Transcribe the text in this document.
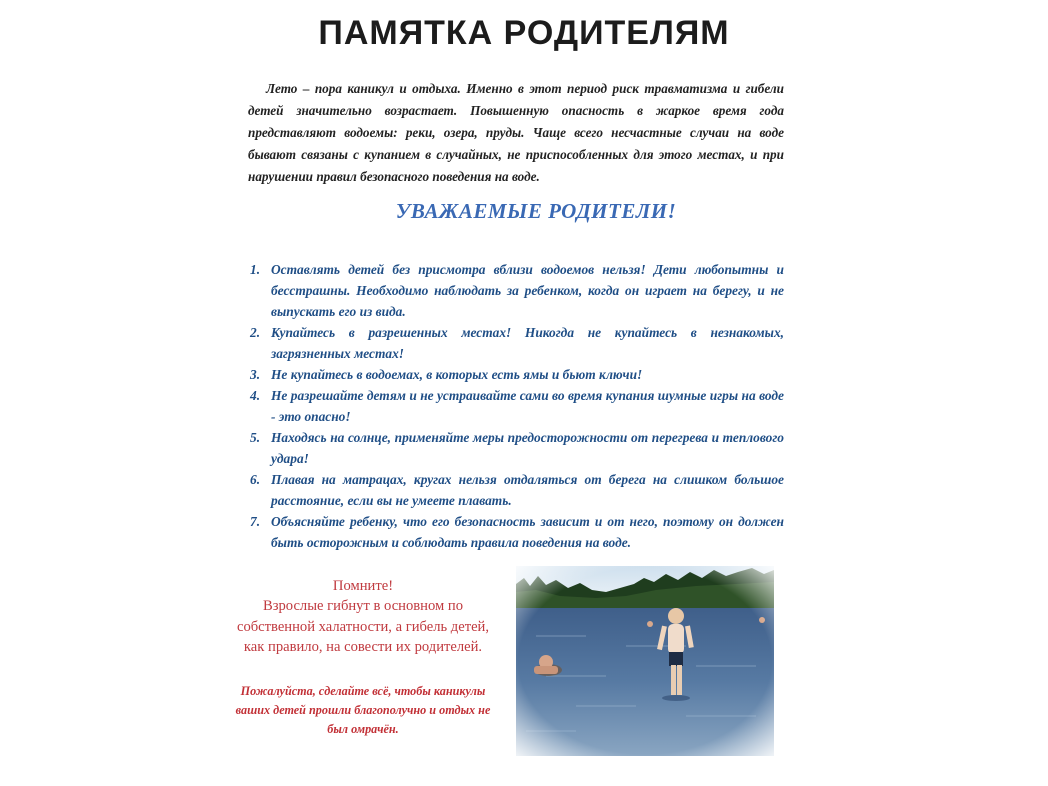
ПАМЯТКА РОДИТЕЛЯМ
Лето – пора каникул и отдыха. Именно в этот период риск травматизма и гибели детей значительно возрастает. Повышенную опасность в жаркое время года представляют водоемы: реки, озера, пруды. Чаще всего несчастные случаи на воде бывают связаны с купанием в случайных, не приспособленных для этого местах, и при нарушении правил безопасного поведения на воде.
УВАЖАЕМЫЕ РОДИТЕЛИ!
1. Оставлять детей без присмотра вблизи водоемов нельзя! Дети любопытны и бесстрашны. Необходимо наблюдать за ребенком, когда он играет на берегу, и не выпускать его из вида.
2. Купайтесь в разрешенных местах! Никогда не купайтесь в незнакомых, загрязненных местах!
3. Не купайтесь в водоемах, в которых есть ямы и бьют ключи!
4. Не разрешайте детям и не устраивайте сами во время купания шумные игры на воде - это опасно!
5. Находясь на солнце, применяйте меры предосторожности от перегрева и теплового удара!
6. Плавая на матрацах, кругах нельзя отдаляться от берега на слишком большое расстояние, если вы не умеете плавать.
7. Объясняйте ребенку, что его безопасность зависит и от него, поэтому он должен быть осторожным и соблюдать правила поведения на воде.
Помните!
Взрослые гибнут в основном по собственной халатности, а гибель детей, как правило, на совести их родителей.
Пожалуйста, сделайте всё, чтобы каникулы ваших детей прошли благополучно и отдых не был омрачён.
